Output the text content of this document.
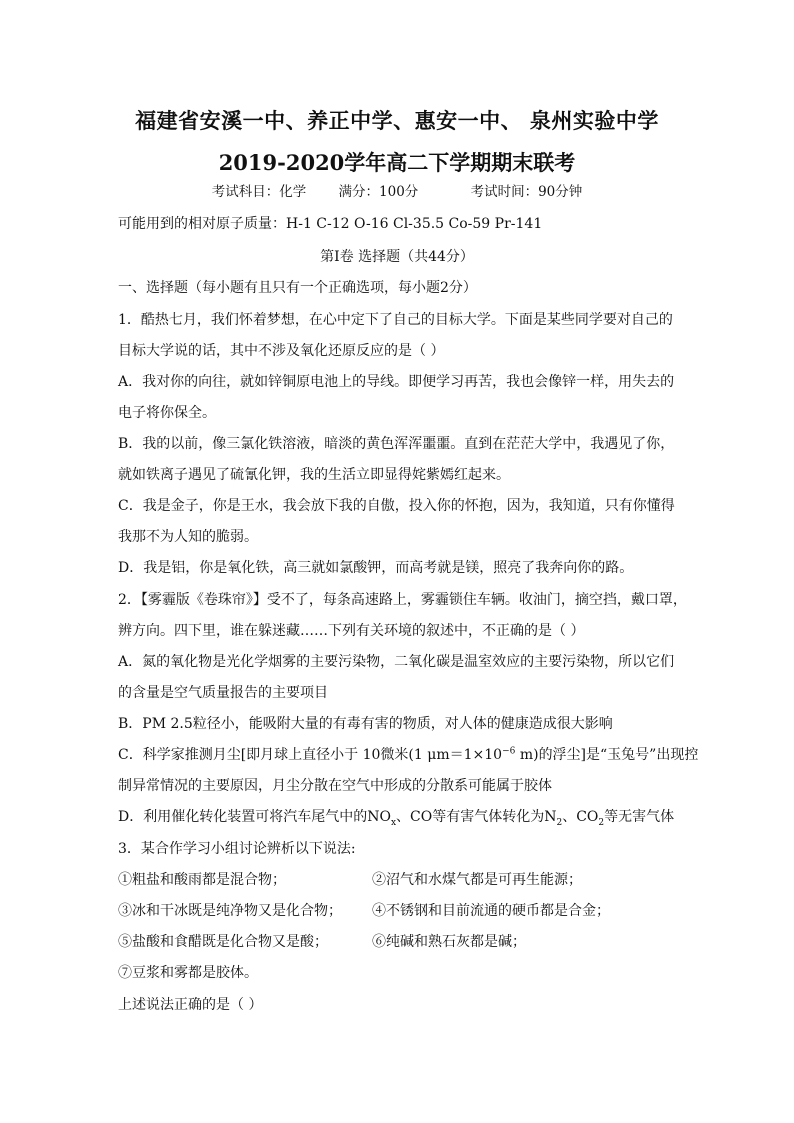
福建省安溪一中、养正中学、惠安一中、 泉州实验中学
2019-2020学年高二下学期期末联考
考试科目：化学 满分：100分	考试时间：90分钟
可能用到的相对原子质量：H-1 C-12 O-16 Cl-35.5 Co-59 Pr-141
第Ⅰ卷 选择题（共44分）
一、选择题（每小题有且只有一个正确选项，每小题2分）
1．酷热七月，我们怀着梦想，在心中定下了自己的目标大学。下面是某些同学要对自己的
目标大学说的话，其中不涉及氧化还原反应的是（ ）
A．我对你的向往，就如锌铜原电池上的导线。即便学习再苦，我也会像锌一样，用失去的
电子将你保全。
B．我的以前，像三氯化铁溶液，暗淡的黄色浑浑噩噩。直到在茫茫大学中，我遇见了你，
就如铁离子遇见了硫氰化钾，我的生活立即显得姹紫嫣红起来。
C．我是金子，你是王水，我会放下我的自傲，投入你的怀抱，因为，我知道，只有你懂得
我那不为人知的脆弱。
D．我是铝，你是氧化铁，高三就如氯酸钾，而高考就是镁，照亮了我奔向你的路。
2．【雾霾版《卷珠帘》】受不了，每条高速路上，雾霾锁住车辆。收油门，摘空挡，戴口罩，
辨方向。四下里，谁在躲迷藏……下列有关环境的叙述中，不正确的是（ ）
A．氮的氧化物是光化学烟雾的主要污染物，二氧化碳是温室效应的主要污染物，所以它们
的含量是空气质量报告的主要项目
B．PM 2.5粒径小，能吸附大量的有毒有害的物质，对人体的健康造成很大影响
C．科学家推测月尘[即月球上直径小于 10微米(1 $\mu m=1\times 10^{-6}$ m)的浮尘]是“玉兔号”出现控
制异常情况的主要原因，月尘分散在空气中形成的分散系可能属于胶体
D．利用催化转化装置可将汽车尾气中的$NO_x$、CO等有害气体转化为$N_2$、$CO_2$等无害气体
3．某合作学习小组讨论辨析以下说法:
①粗盐和酸雨都是混合物；	②沼气和水煤气都是可再生能源；
③冰和干冰既是纯净物又是化合物； ④不锈钢和目前流通的硬币都是合金；
⑤盐酸和食醋既是化合物又是酸；	⑥纯碱和熟石灰都是碱；
⑦豆浆和雾都是胶体。
上述说法正确的是（ ）
